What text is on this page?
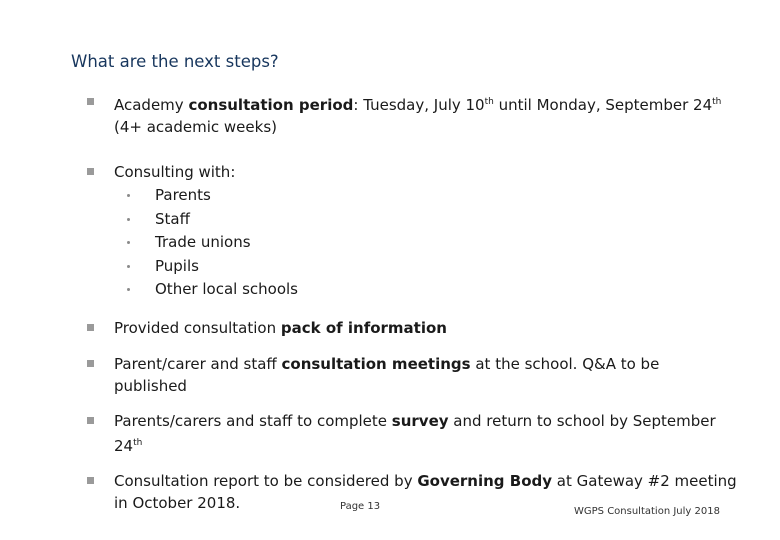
What are the next steps?
Academy consultation period: Tuesday, July 10th until Monday, September 24th
(4+ academic weeks)
Consulting with:
Parents
Staff
Trade unions
Pupils
Other local schools
Provided consultation pack of information
Parent/carer and staff consultation meetings at the school. Q&A to be published
Parents/carers and staff to complete survey and return to school by September
24th
Consultation report to be considered by Governing Body at Gateway #2 meeting
in October 2018.	Page 13	WGPS Consultation July 2018
